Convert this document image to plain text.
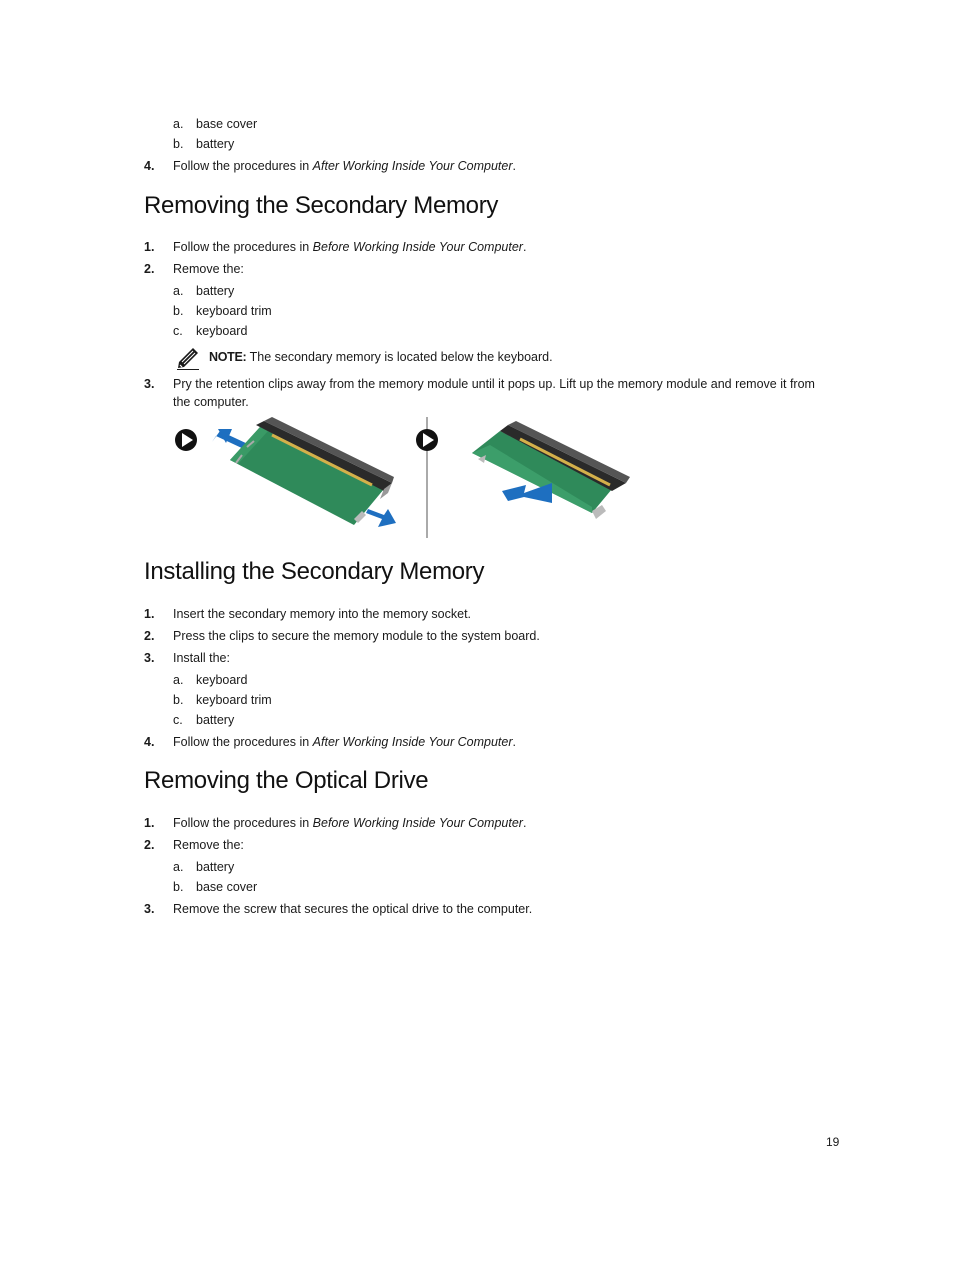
a. base cover
b. battery
4. Follow the procedures in After Working Inside Your Computer.
Removing the Secondary Memory
1. Follow the procedures in Before Working Inside Your Computer.
2. Remove the:
a. battery
b. keyboard trim
c. keyboard
NOTE: The secondary memory is located below the keyboard.
3. Pry the retention clips away from the memory module until it pops up. Lift up the memory module and remove it from
the computer.
Installing the Secondary Memory
1. Insert the secondary memory into the memory socket.
2. Press the clips to secure the memory module to the system board.
3. Install the:
a. keyboard
b. keyboard trim
c. battery
4. Follow the procedures in After Working Inside Your Computer.
Removing the Optical Drive
1. Follow the procedures in Before Working Inside Your Computer.
2. Remove the:
a. battery
b. base cover
3. Remove the screw that secures the optical drive to the computer.
19
